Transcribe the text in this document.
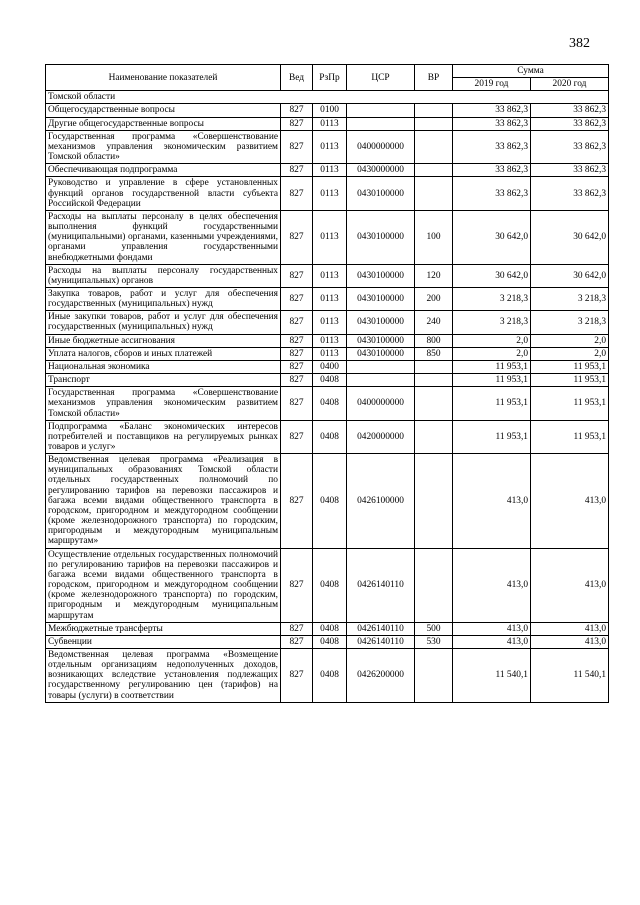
382
Наименование показателей	Вед	РзПр	ЦСР	ВР	Сумма	
					2019 год	2020 год
Томской области						
Общегосударственные вопросы	827	0100			33 862,3	33 862,3
Другие общегосударственные вопросы	827	0113			33 862,3	33 862,3
Государственная программа «Совершенствование механизмов управления экономическим развитием Томской области»	827	0113	0400000000		33 862,3	33 862,3
Обеспечивающая подпрограмма	827	0113	0430000000		33 862,3	33 862,3
Руководство и управление в сфере установленных функций органов государственной власти субъекта Российской Федерации	827	0113	0430100000		33 862,3	33 862,3
Расходы на выплаты персоналу в целях обеспечения выполнения функций государственными (муниципальными) органами, казенными учреждениями, органами управления государственными внебюджетными фондами	827	0113	0430100000	100	30 642,0	30 642,0
Расходы на выплаты персоналу государственных (муниципальных) органов	827	0113	0430100000	120	30 642,0	30 642,0
Закупка товаров, работ и услуг для обеспечения государственных (муниципальных) нужд	827	0113	0430100000	200	3 218,3	3 218,3
Иные закупки товаров, работ и услуг для обеспечения государственных (муниципальных) нужд	827	0113	0430100000	240	3 218,3	3 218,3
Иные бюджетные ассигнования	827	0113	0430100000	800	2,0	2,0
Уплата налогов, сборов и иных платежей	827	0113	0430100000	850	2,0	2,0
Национальная экономика	827	0400			11 953,1	11 953,1
Транспорт	827	0408			11 953,1	11 953,1
Государственная программа «Совершенствование механизмов управления экономическим развитием Томской области»	827	0408	0400000000		11 953,1	11 953,1
Подпрограмма «Баланс экономических интересов потребителей и поставщиков на регулируемых рынках товаров и услуг»	827	0408	0420000000		11 953,1	11 953,1
Ведомственная целевая программа «Реализация в муниципальных образованиях Томской области отдельных государственных полномочий по регулированию тарифов на перевозки пассажиров и багажа всеми видами общественного транспорта в городском, пригородном и междугородном сообщении (кроме железнодорожного транспорта) по городским, пригородным и междугородным муниципальным маршрутам»	827	0408	0426100000		413,0	413,0
Осуществление отдельных государственных полномочий по регулированию тарифов на перевозки пассажиров и багажа всеми видами общественного транспорта в городском, пригородном и междугородном сообщении (кроме железнодорожного транспорта) по городским, пригородным и междугородным муниципальным маршрутам	827	0408	0426140110		413,0	413,0
Межбюджетные трансферты	827	0408	0426140110	500	413,0	413,0
Субвенции	827	0408	0426140110	530	413,0	413,0
Ведомственная целевая программа «Возмещение отдельным организациям недополученных доходов, возникающих вследствие установления подлежащих государственному регулированию цен (тарифов) на товары (услуги) в соответствии	827	0408	0426200000		11 540,1	11 540,1
